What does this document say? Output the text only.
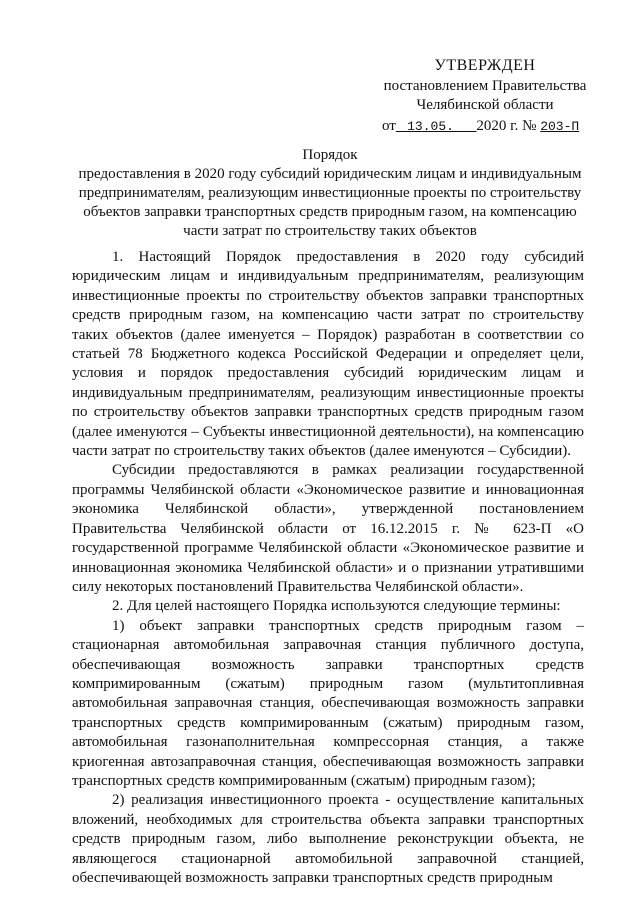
УТВЕРЖДЕН
постановлением Правительства
Челябинской области
от 13.05. 2020 г. № 203-П
Порядок
предоставления в 2020 году субсидий юридическим лицам и индивидуальным
предпринимателям, реализующим инвестиционные проекты по строительству
объектов заправки транспортных средств природным газом, на компенсацию
части затрат по строительству таких объектов

1. Настоящий Порядок предоставления в 2020 году субсидий юридическим лицам и индивидуальным предпринимателям, реализующим инвестиционные проекты по строительству объектов заправки транспортных средств природным газом, на компенсацию части затрат по строительству таких объектов (далее именуется – Порядок) разработан в соответствии со статьей 78 Бюджетного кодекса Российской Федерации и определяет цели, условия и порядок предоставления субсидий юридическим лицам и индивидуальным предпринимателям, реализующим инвестиционные проекты по строительству объектов заправки транспортных средств природным газом (далее именуются – Субъекты инвестиционной деятельности), на компенсацию части затрат по строительству таких объектов (далее именуются – Субсидии).

Субсидии предоставляются в рамках реализации государственной программы Челябинской области «Экономическое развитие и инновационная экономика Челябинской области», утвержденной постановлением Правительства Челябинской области от 16.12.2015 г. № 623-П «О государственной программе Челябинской области «Экономическое развитие и инновационная экономика Челябинской области» и о признании утратившими силу некоторых постановлений Правительства Челябинской области».

2. Для целей настоящего Порядка используются следующие термины:

1) объект заправки транспортных средств природным газом – стационарная автомобильная заправочная станция публичного доступа, обеспечивающая возможность заправки транспортных средств компримированным (сжатым) природным газом (мультитопливная автомобильная заправочная станция, обеспечивающая возможность заправки транспортных средств компримированным (сжатым) природным газом, автомобильная газонаполнительная компрессорная станция, а также криогенная автозаправочная станция, обеспечивающая возможность заправки транспортных средств компримированным (сжатым) природным газом);

2) реализация инвестиционного проекта - осуществление капитальных вложений, необходимых для строительства объекта заправки транспортных средств природным газом, либо выполнение реконструкции объекта, не являющегося стационарной автомобильной заправочной станцией, обеспечивающей возможность заправки транспортных средств природным
